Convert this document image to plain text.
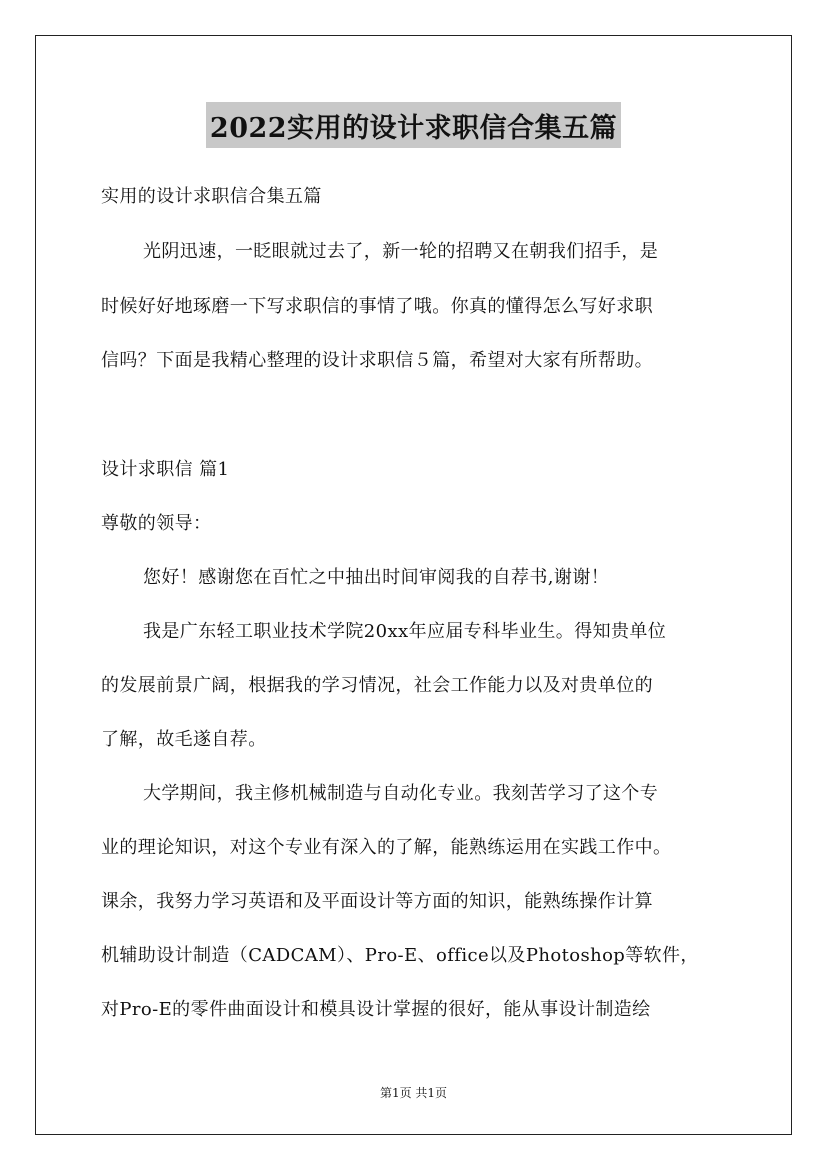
2022实用的设计求职信合集五篇
实用的设计求职信合集五篇
光阴迅速，一眨眼就过去了，新一轮的招聘又在朝我们招手，是
时候好好地琢磨一下写求职信的事情了哦。你真的懂得怎么写好求职
信吗？下面是我精心整理的设计求职信５篇，希望对大家有所帮助。
设计求职信 篇1
尊敬的领导：
您好！感谢您在百忙之中抽出时间审阅我的自荐书,谢谢！
我是广东轻工职业技术学院20xx年应届专科毕业生。得知贵单位
的发展前景广阔，根据我的学习情况，社会工作能力以及对贵单位的
了解，故毛遂自荐。
大学期间，我主修机械制造与自动化专业。我刻苦学习了这个专
业的理论知识，对这个专业有深入的了解，能熟练运用在实践工作中。
课余，我努力学习英语和及平面设计等方面的知识，能熟练操作计算
机辅助设计制造（CADCAM）、Pro-E、office以及Photoshop等软件，
对Pro-E的零件曲面设计和模具设计掌握的很好，能从事设计制造绘
第1页 共1页
